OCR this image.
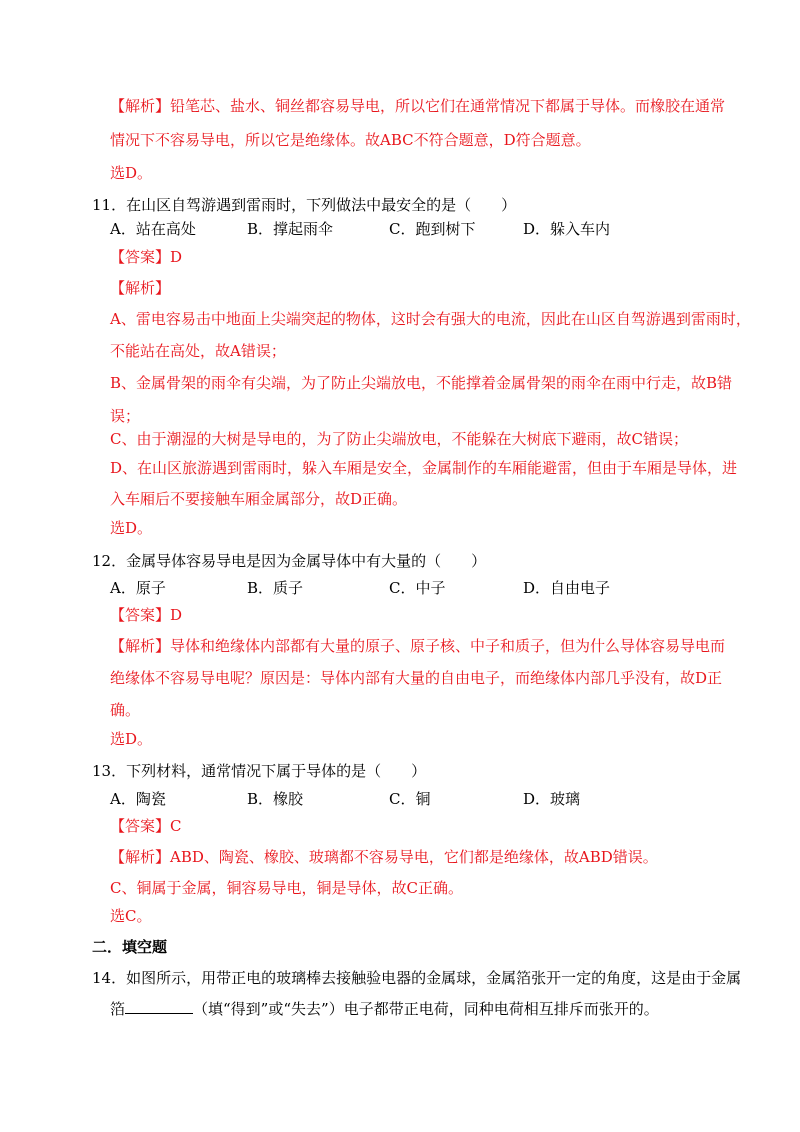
【解析】铅笔芯、盐水、铜丝都容易导电，所以它们在通常情况下都属于导体。而橡胶在通常
情况下不容易导电，所以它是绝缘体。故ABC不符合题意，D符合题意。
选D。
11．在山区自驾游遇到雷雨时，下列做法中最安全的是（　　）
A．站在高处	B．撑起雨伞	C．跑到树下	D．躲入车内
【答案】D
【解析】
A、雷电容易击中地面上尖端突起的物体，这时会有强大的电流，因此在山区自驾游遇到雷雨时，
不能站在高处，故A错误；
B、金属骨架的雨伞有尖端，为了防止尖端放电，不能撑着金属骨架的雨伞在雨中行走，故B错
误；
C、由于潮湿的大树是导电的，为了防止尖端放电，不能躲在大树底下避雨，故C错误；
D、在山区旅游遇到雷雨时，躲入车厢是安全，金属制作的车厢能避雷，但由于车厢是导体，进
入车厢后不要接触车厢金属部分，故D正确。
选D。
12．金属导体容易导电是因为金属导体中有大量的（　　）
A．原子	B．质子	C．中子	D．自由电子
【答案】D
【解析】导体和绝缘体内部都有大量的原子、原子核、中子和质子，但为什么导体容易导电而
绝缘体不容易导电呢？原因是：导体内部有大量的自由电子，而绝缘体内部几乎没有，故D正
确。
选D。
13．下列材料，通常情况下属于导体的是（　　）
A．陶瓷	B．橡胶	C．铜	D．玻璃
【答案】C
【解析】ABD、陶瓷、橡胶、玻璃都不容易导电，它们都是绝缘体，故ABD错误。
C、铜属于金属，铜容易导电，铜是导体，故C正确。
选C。
二．填空题
14．如图所示，用带正电的玻璃棒去接触验电器的金属球，金属箔张开一定的角度，这是由于金属
箔	（填“得到”或“失去”）电子都带正电荷，同种电荷相互排斥而张开的。
